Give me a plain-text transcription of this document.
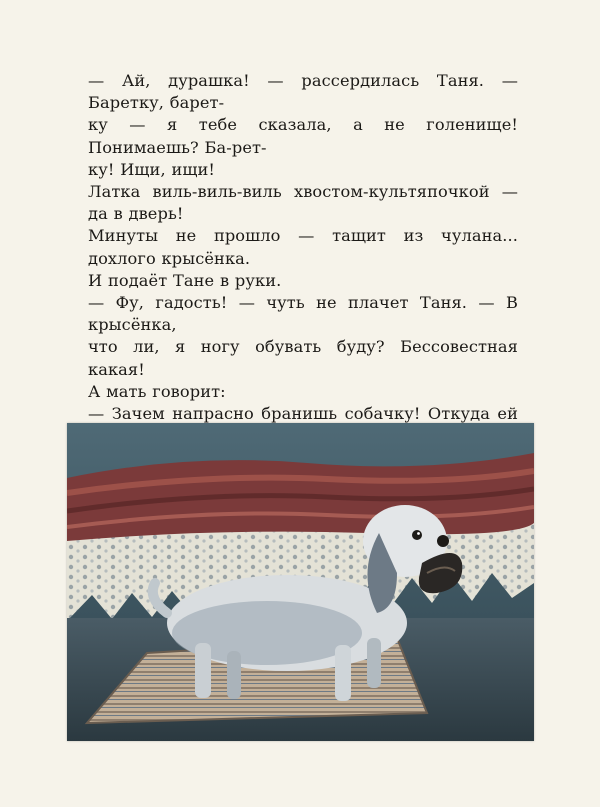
— Ай, дурашка! — рассердилась Таня. — Баретку, барет-
ку — я тебе сказала, а не голенище! Понимаешь? Ба-рет-
ку! Ищи, ищи!

Латка виль-виль-виль хвостом-культяпочкой — да в дверь!
Минуты не прошло — тащит из чулана... дохлого крысёнка.
И подаёт Тане в руки.

— Фу, гадость! — чуть не плачет Таня. — В крысёнка,
что ли, я ногу обувать буду? Бессовестная какая!

А мать говорит:

— Зачем напрасно бранишь собачку! Откуда ей
